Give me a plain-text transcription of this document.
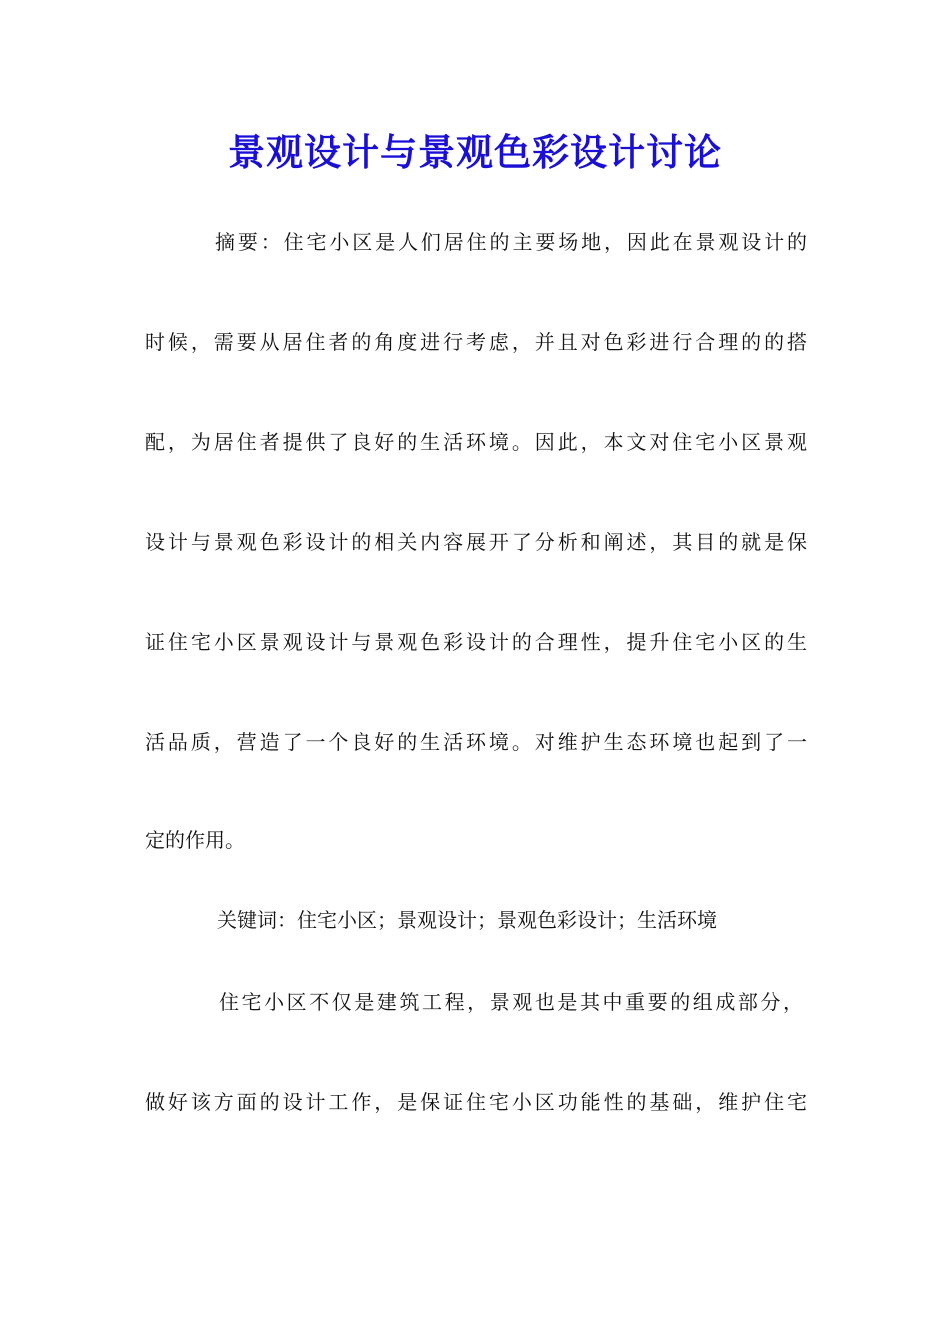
景观设计与景观色彩设计讨论
摘要：住宅小区是人们居住的主要场地，因此在景观设计的
时候，需要从居住者的角度进行考虑，并且对色彩进行合理的的搭
配，为居住者提供了良好的生活环境。因此，本文对住宅小区景观
设计与景观色彩设计的相关内容展开了分析和阐述，其目的就是保
证住宅小区景观设计与景观色彩设计的合理性，提升住宅小区的生
活品质，营造了一个良好的生活环境。对维护生态环境也起到了一
定的作用。
关键词：住宅小区；景观设计；景观色彩设计；生活环境
住宅小区不仅是建筑工程，景观也是其中重要的组成部分，
做好该方面的设计工作，是保证住宅小区功能性的基础，维护住宅
